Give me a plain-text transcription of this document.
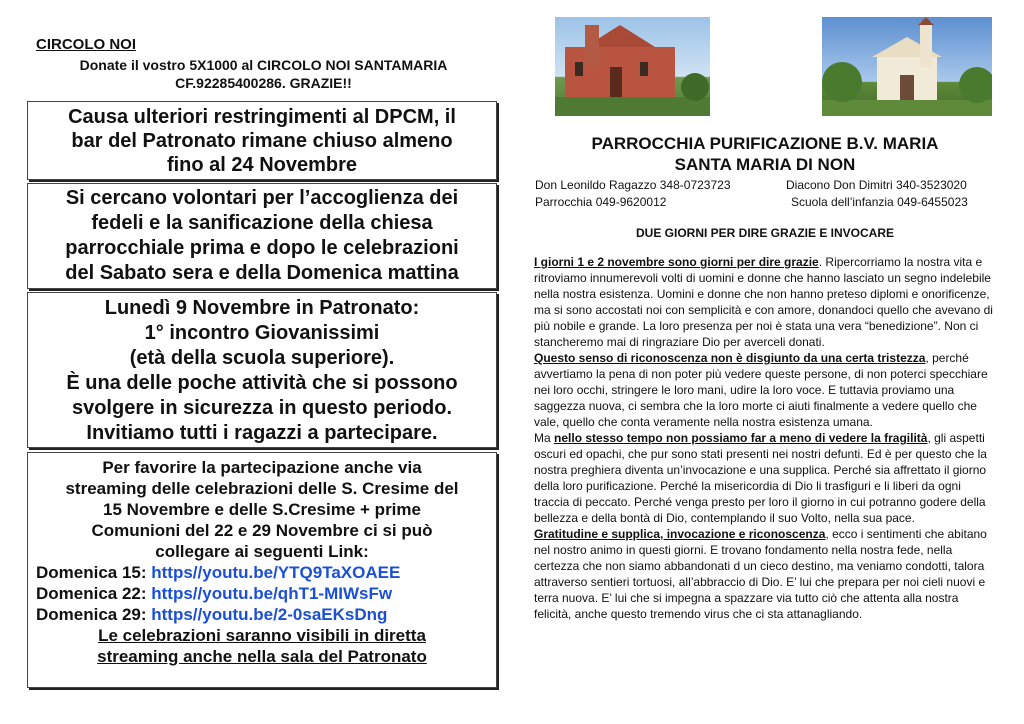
CIRCOLO NOI
Donate il vostro 5X1000 al CIRCOLO NOI SANTAMARIA
CF.92285400286. GRAZIE!!
Causa ulteriori restringimenti al DPCM, il
bar del Patronato rimane chiuso almeno
fino al 24 Novembre
Si cercano volontari per l’accoglienza dei
fedeli e la sanificazione della chiesa
parrocchiale prima e dopo le celebrazioni
del Sabato sera e della Domenica mattina
Lunedì 9 Novembre in Patronato:
1° incontro Giovanissimi
(età della scuola superiore).
È una delle poche attività che si possono
svolgere in sicurezza in questo periodo.
Invitiamo tutti i ragazzi a partecipare.
Per favorire la partecipazione anche via
streaming delle celebrazioni delle S. Cresime del
15 Novembre e delle S.Cresime + prime
Comunioni del 22 e 29 Novembre ci si può
collegare ai seguenti Link:
Domenica 15: https//youtu.be/YTQ9TaXOAEE
Domenica 22: https//youtu.be/qhT1-MIWsFw
Domenica 29: https//youtu.be/2-0saEKsDng
Le celebrazioni saranno visibili in diretta
streaming anche nella sala del Patronato
PARROCCHIA PURIFICAZIONE B.V. MARIA
SANTA MARIA DI NON
Don Leonildo Ragazzo 348-0723723	Diacono Don Dimitri 340-3523020
Parrocchia 049-9620012	Scuola dell’infanzia 049-6455023
DUE GIORNI PER DIRE GRAZIE E INVOCARE
I giorni 1 e 2 novembre sono giorni per dire grazie. Ripercorriamo la nostra vita e ritroviamo innumerevoli volti di uomini e donne che hanno lasciato un segno indelebile nella nostra esistenza. Uomini e donne che non hanno preteso diplomi e onorificenze, ma si sono accostati noi con semplicità e con amore, donandoci quello che avevano di più nobile e grande. La loro presenza per noi è stata una vera “benedizione”. Non ci stancheremo mai di ringraziare Dio per averceli donati.
Questo senso di riconoscenza non è disgiunto da una certa tristezza, perché avvertiamo la pena di non poter più vedere queste persone, di non poterci specchiare nei loro occhi, stringere le loro mani, udire la loro voce. E tuttavia proviamo una saggezza nuova, ci sembra che la loro morte ci aiuti finalmente a vedere quello che vale, quello che conta veramente nella nostra esistenza umana.
Ma nello stesso tempo non possiamo far a meno di vedere la fragilità, gli aspetti oscuri ed opachi, che pur sono stati presenti nei nostri defunti. Ed è per questo che la nostra preghiera diventa un’invocazione e una supplica. Perché sia affrettato il giorno della loro purificazione. Perché la misericordia di Dio li trasfiguri e li liberi da ogni traccia di peccato. Perché venga presto per loro il giorno in cui potranno godere della bellezza e della bontà di Dio, contemplando il suo Volto, nella sua pace.
Gratitudine e supplica, invocazione e riconoscenza, ecco i sentimenti che abitano nel nostro animo in questi giorni. E trovano fondamento nella nostra fede, nella certezza che non siamo abbandonati d un cieco destino, ma veniamo condotti, talora attraverso sentieri tortuosi, all’abbraccio di Dio. E’ lui che prepara per noi cieli nuovi e terra nuova. E’ lui che si impegna a spazzare via tutto ciò che attenta alla nostra felicità, anche questo tremendo virus che ci sta attanagliando.
